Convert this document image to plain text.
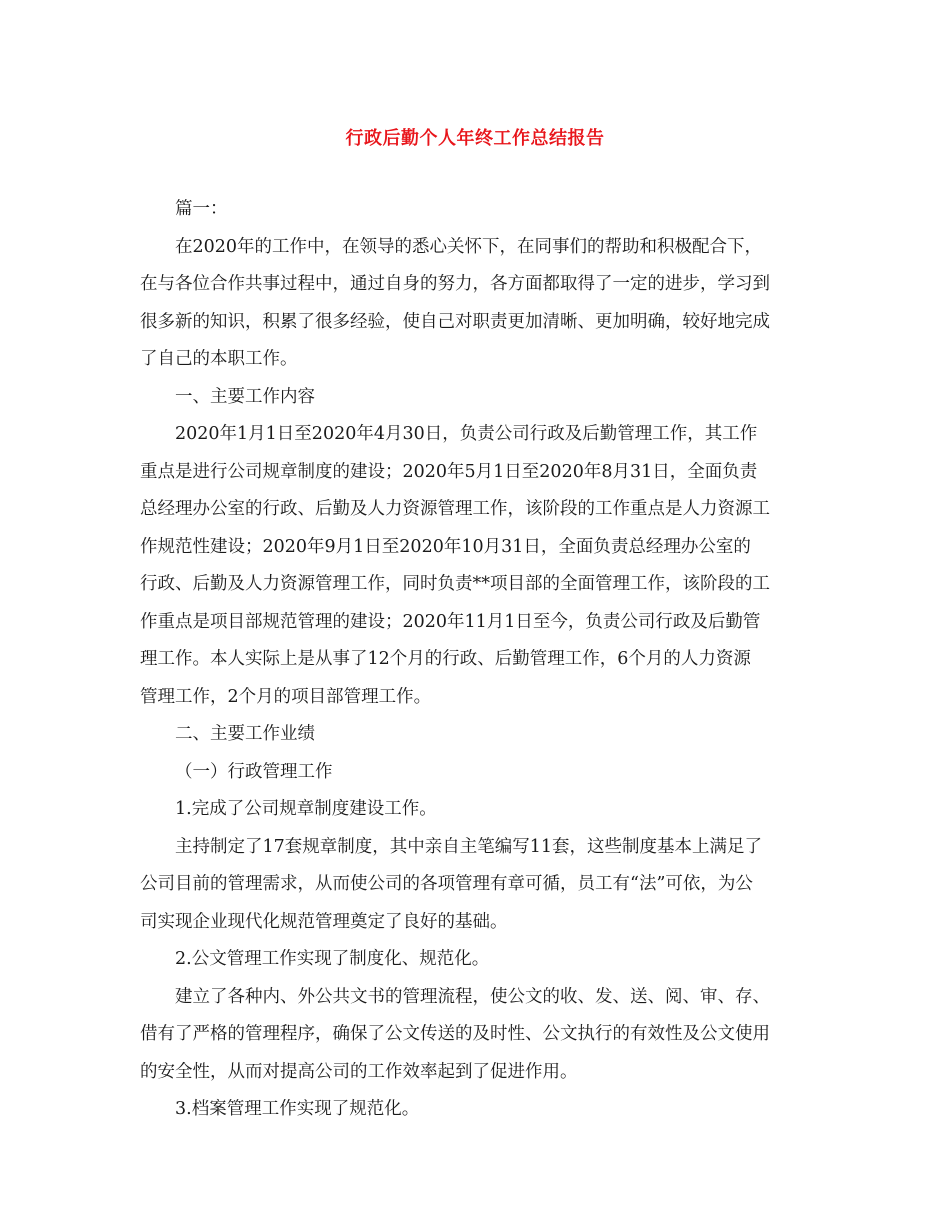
行政后勤个人年终工作总结报告

篇一：

在2020年的工作中，在领导的悉心关怀下，在同事们的帮助和积极配合下，
在与各位合作共事过程中，通过自身的努力，各方面都取得了一定的进步，学习到
很多新的知识，积累了很多经验，使自己对职责更加清晰、更加明确，较好地完成
了自己的本职工作。

一、主要工作内容

2020年1月1日至2020年4月30日，负责公司行政及后勤管理工作，其工作
重点是进行公司规章制度的建设；2020年5月1日至2020年8月31日，全面负责
总经理办公室的行政、后勤及人力资源管理工作，该阶段的工作重点是人力资源工
作规范性建设；2020年9月1日至2020年10月31日，全面负责总经理办公室的
行政、后勤及人力资源管理工作，同时负责**项目部的全面管理工作，该阶段的工
作重点是项目部规范管理的建设；2020年11月1日至今，负责公司行政及后勤管
理工作。本人实际上是从事了12个月的行政、后勤管理工作，6个月的人力资源
管理工作，2个月的项目部管理工作。

二、主要工作业绩

（一）行政管理工作

1.完成了公司规章制度建设工作。

主持制定了17套规章制度，其中亲自主笔编写11套，这些制度基本上满足了
公司目前的管理需求，从而使公司的各项管理有章可循，员工有“法”可依，为公
司实现企业现代化规范管理奠定了良好的基础。

2.公文管理工作实现了制度化、规范化。

建立了各种内、外公共文书的管理流程，使公文的收、发、送、阅、审、存、
借有了严格的管理程序，确保了公文传送的及时性、公文执行的有效性及公文使用
的安全性，从而对提高公司的工作效率起到了促进作用。

3.档案管理工作实现了规范化。
